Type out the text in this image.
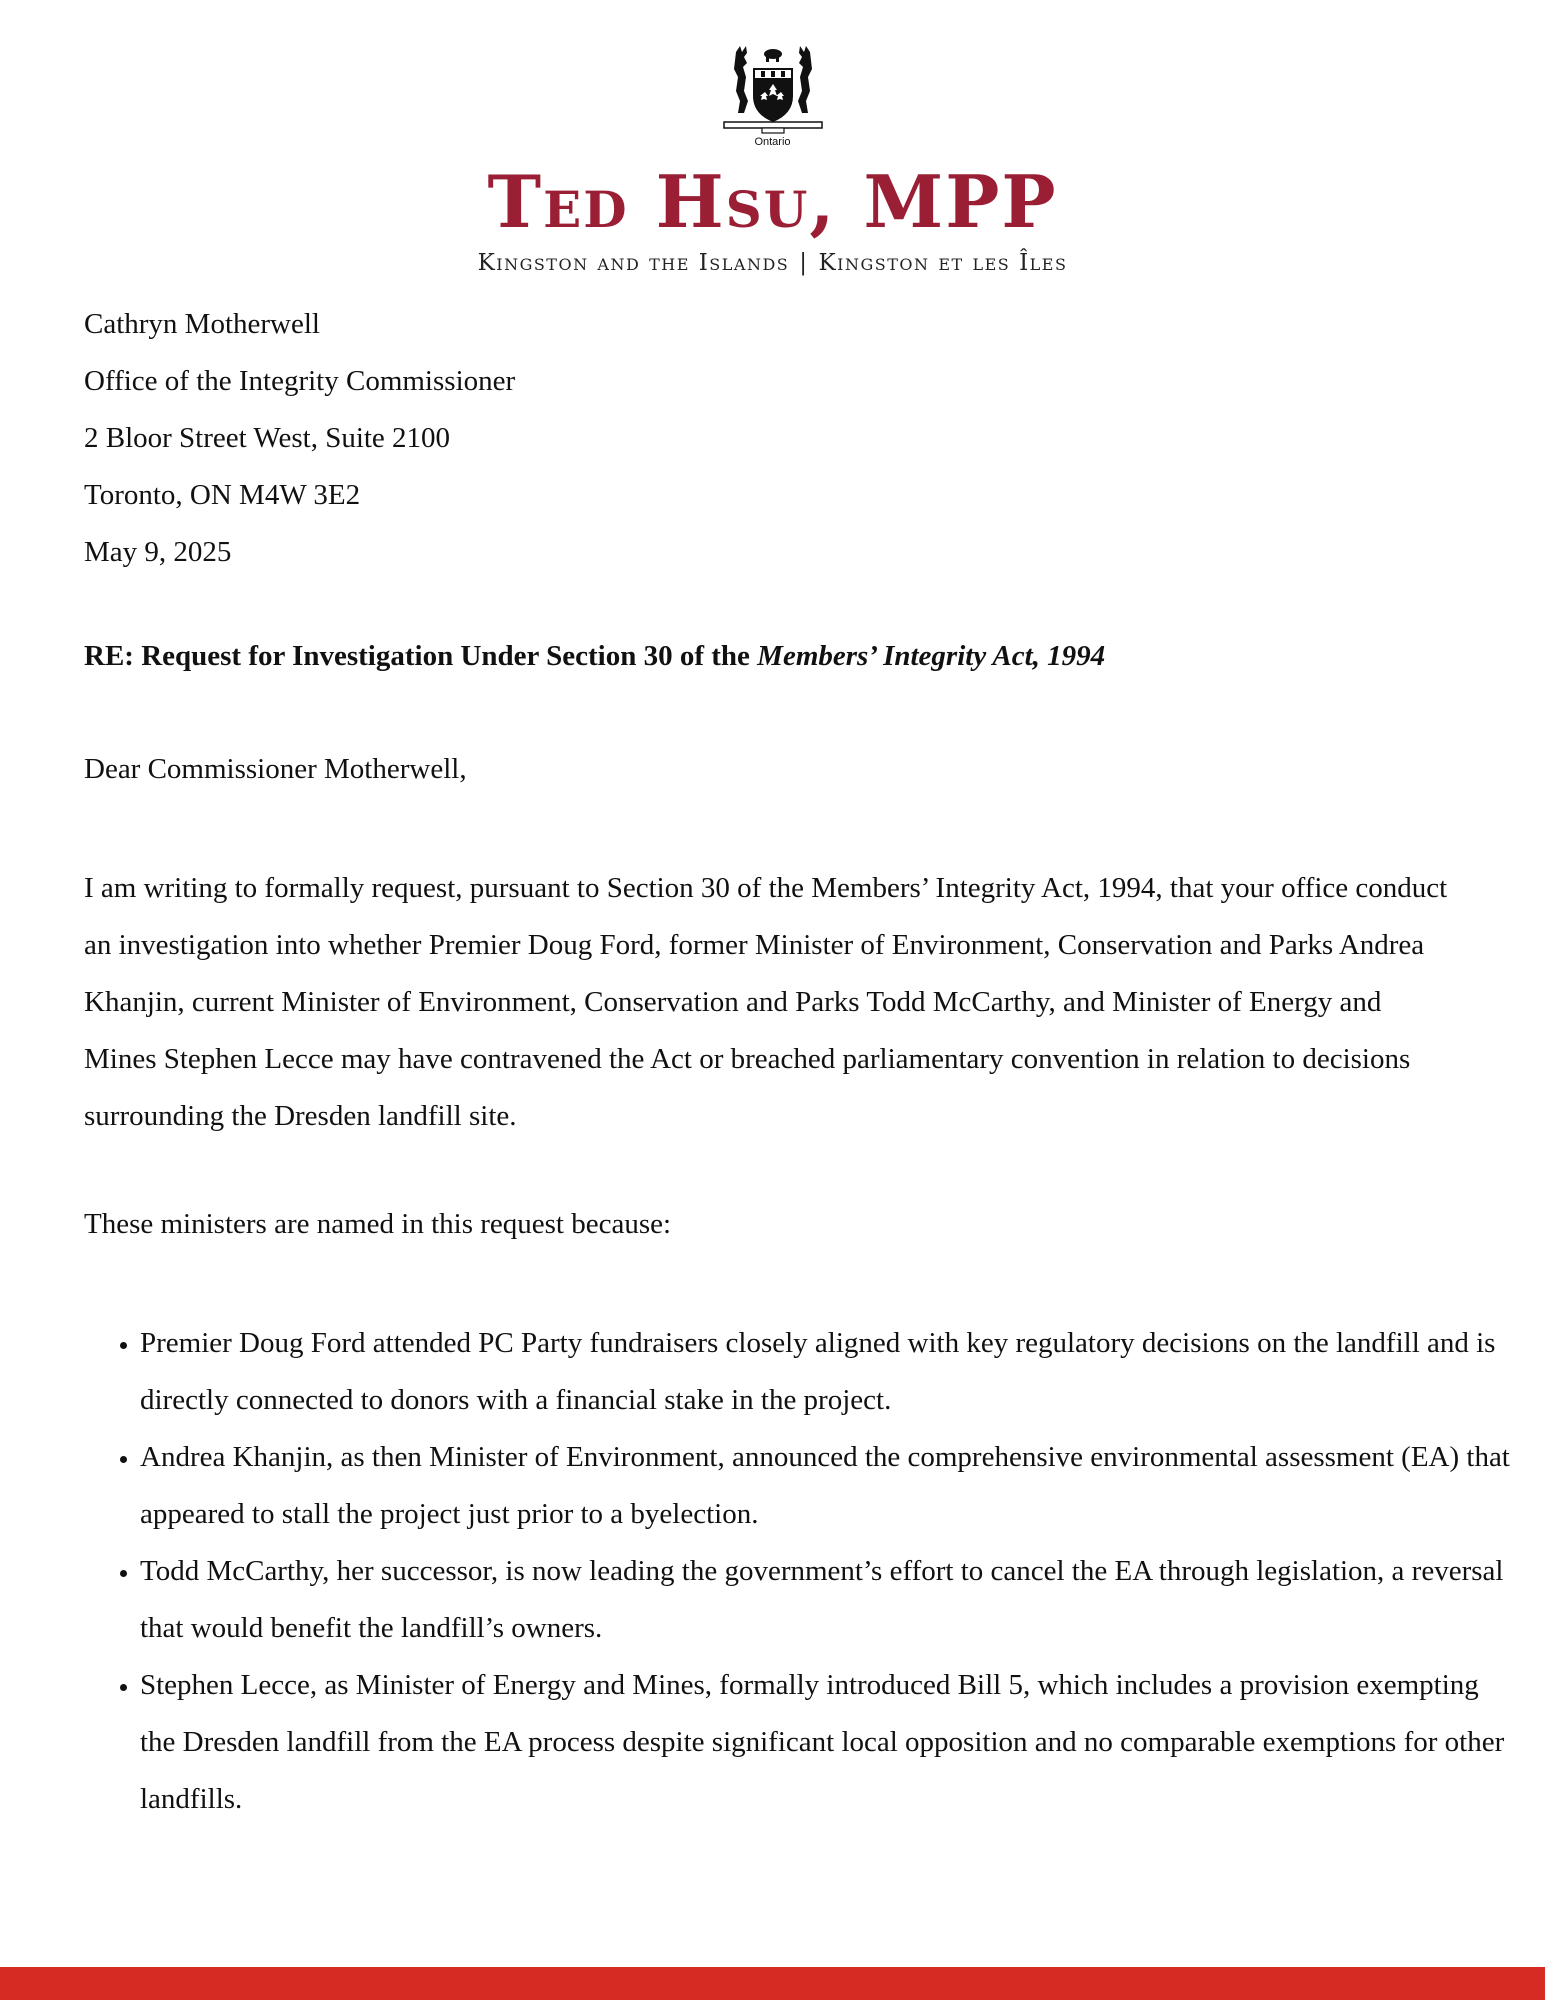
Ontario
Ted Hsu, MPP
Kingston and the Islands | Kingston et les Îles
Cathryn Motherwell
Office of the Integrity Commissioner
2 Bloor Street West, Suite 2100
Toronto, ON M4W 3E2
May 9, 2025
RE: Request for Investigation Under Section 30 of the Members’ Integrity Act, 1994
Dear Commissioner Motherwell,
I am writing to formally request, pursuant to Section 30 of the Members’ Integrity Act, 1994, that your office conduct an investigation into whether Premier Doug Ford, former Minister of Environment, Conservation and Parks Andrea Khanjin, current Minister of Environment, Conservation and Parks Todd McCarthy, and Minister of Energy and Mines Stephen Lecce may have contravened the Act or breached parliamentary convention in relation to decisions surrounding the Dresden landfill site.
These ministers are named in this request because:
• Premier Doug Ford attended PC Party fundraisers closely aligned with key regulatory decisions on the landfill and is directly connected to donors with a financial stake in the project.
• Andrea Khanjin, as then Minister of Environment, announced the comprehensive environmental assessment (EA) that appeared to stall the project just prior to a byelection.
• Todd McCarthy, her successor, is now leading the government’s effort to cancel the EA through legislation, a reversal that would benefit the landfill’s owners.
• Stephen Lecce, as Minister of Energy and Mines, formally introduced Bill 5, which includes a provision exempting the Dresden landfill from the EA process despite significant local opposition and no comparable exemptions for other landfills.
